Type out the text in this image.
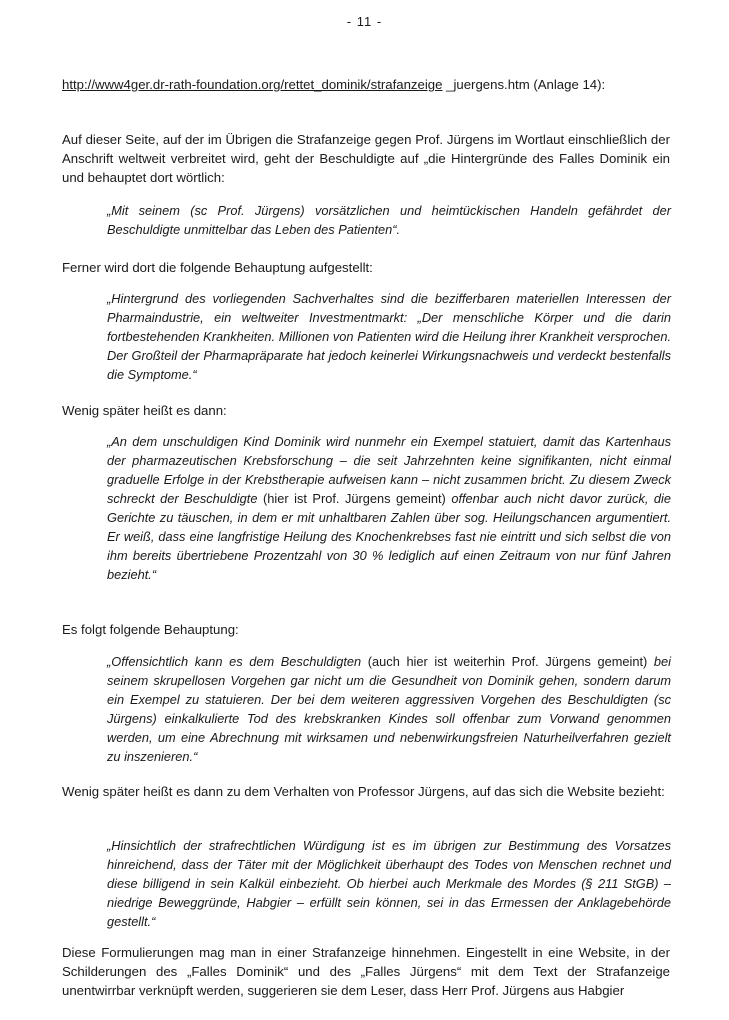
- 11 -
http://www4ger.dr-rath-foundation.org/rettet_dominik/strafanzeige _juergens.htm (Anlage 14):
Auf dieser Seite, auf der im Übrigen die Strafanzeige gegen Prof. Jürgens im Wortlaut einschließlich der Anschrift weltweit verbreitet wird, geht der Beschuldigte auf „die Hintergründe des Falles Dominik ein und behauptet dort wörtlich:
„Mit seinem (sc Prof. Jürgens) vorsätzlichen und heimtückischen Handeln gefährdet der Beschuldigte unmittelbar das Leben des Patienten“.
Ferner wird dort die folgende Behauptung aufgestellt:
„Hintergrund des vorliegenden Sachverhaltes sind die bezifferbaren materiellen Interessen der Pharmaindustrie, ein weltweiter Investmentmarkt: „Der menschliche Körper und die darin fortbestehenden Krankheiten. Millionen von Patienten wird die Heilung ihrer Krankheit versprochen. Der Großteil der Pharmapräparate hat jedoch keinerlei Wirkungsnachweis und verdeckt bestenfalls die Symptome.“
Wenig später heißt es dann:
„An dem unschuldigen Kind Dominik wird nunmehr ein Exempel statuiert, damit das Kartenhaus der pharmazeutischen Krebsforschung – die seit Jahrzehnten keine signifikanten, nicht einmal graduelle Erfolge in der Krebstherapie aufweisen kann – nicht zusammen bricht. Zu diesem Zweck schreckt der Beschuldigte (hier ist Prof. Jürgens gemeint) offenbar auch nicht davor zurück, die Gerichte zu täuschen, in dem er mit unhaltbaren Zahlen über sog. Heilungschancen argumentiert. Er weiß, dass eine langfristige Heilung des Knochenkrebses fast nie eintritt und sich selbst die von ihm bereits übertriebene Prozentzahl von 30 % lediglich auf einen Zeitraum von nur fünf Jahren bezieht.“
Es folgt folgende Behauptung:
„Offensichtlich kann es dem Beschuldigten (auch hier ist weiterhin Prof. Jürgens gemeint) bei seinem skrupellosen Vorgehen gar nicht um die Gesundheit von Dominik gehen, sondern darum ein Exempel zu statuieren. Der bei dem weiteren aggressiven Vorgehen des Beschuldigten (sc Jürgens) einkalkulierte Tod des krebskranken Kindes soll offenbar zum Vorwand genommen werden, um eine Abrechnung mit wirksamen und nebenwirkungsfreien Naturheilverfahren gezielt zu inszenieren.“
Wenig später heißt es dann zu dem Verhalten von Professor Jürgens, auf das sich die Website bezieht:
„Hinsichtlich der strafrechtlichen Würdigung ist es im übrigen zur Bestimmung des Vorsatzes hinreichend, dass der Täter mit der Möglichkeit überhaupt des Todes von Menschen rechnet und diese billigend in sein Kalkül einbezieht. Ob hierbei auch Merkmale des Mordes (§ 211 StGB) – niedrige Beweggründe, Habgier – erfüllt sein können, sei in das Ermessen der Anklagebehörde gestellt.“
Diese Formulierungen mag man in einer Strafanzeige hinnehmen. Eingestellt in eine Website, in der Schilderungen des „Falles Dominik“ und des „Falles Jürgens“ mit dem Text der Strafanzeige unentwirrbar verknüpft werden, suggerieren sie dem Leser, dass Herr Prof. Jürgens aus Habgier
